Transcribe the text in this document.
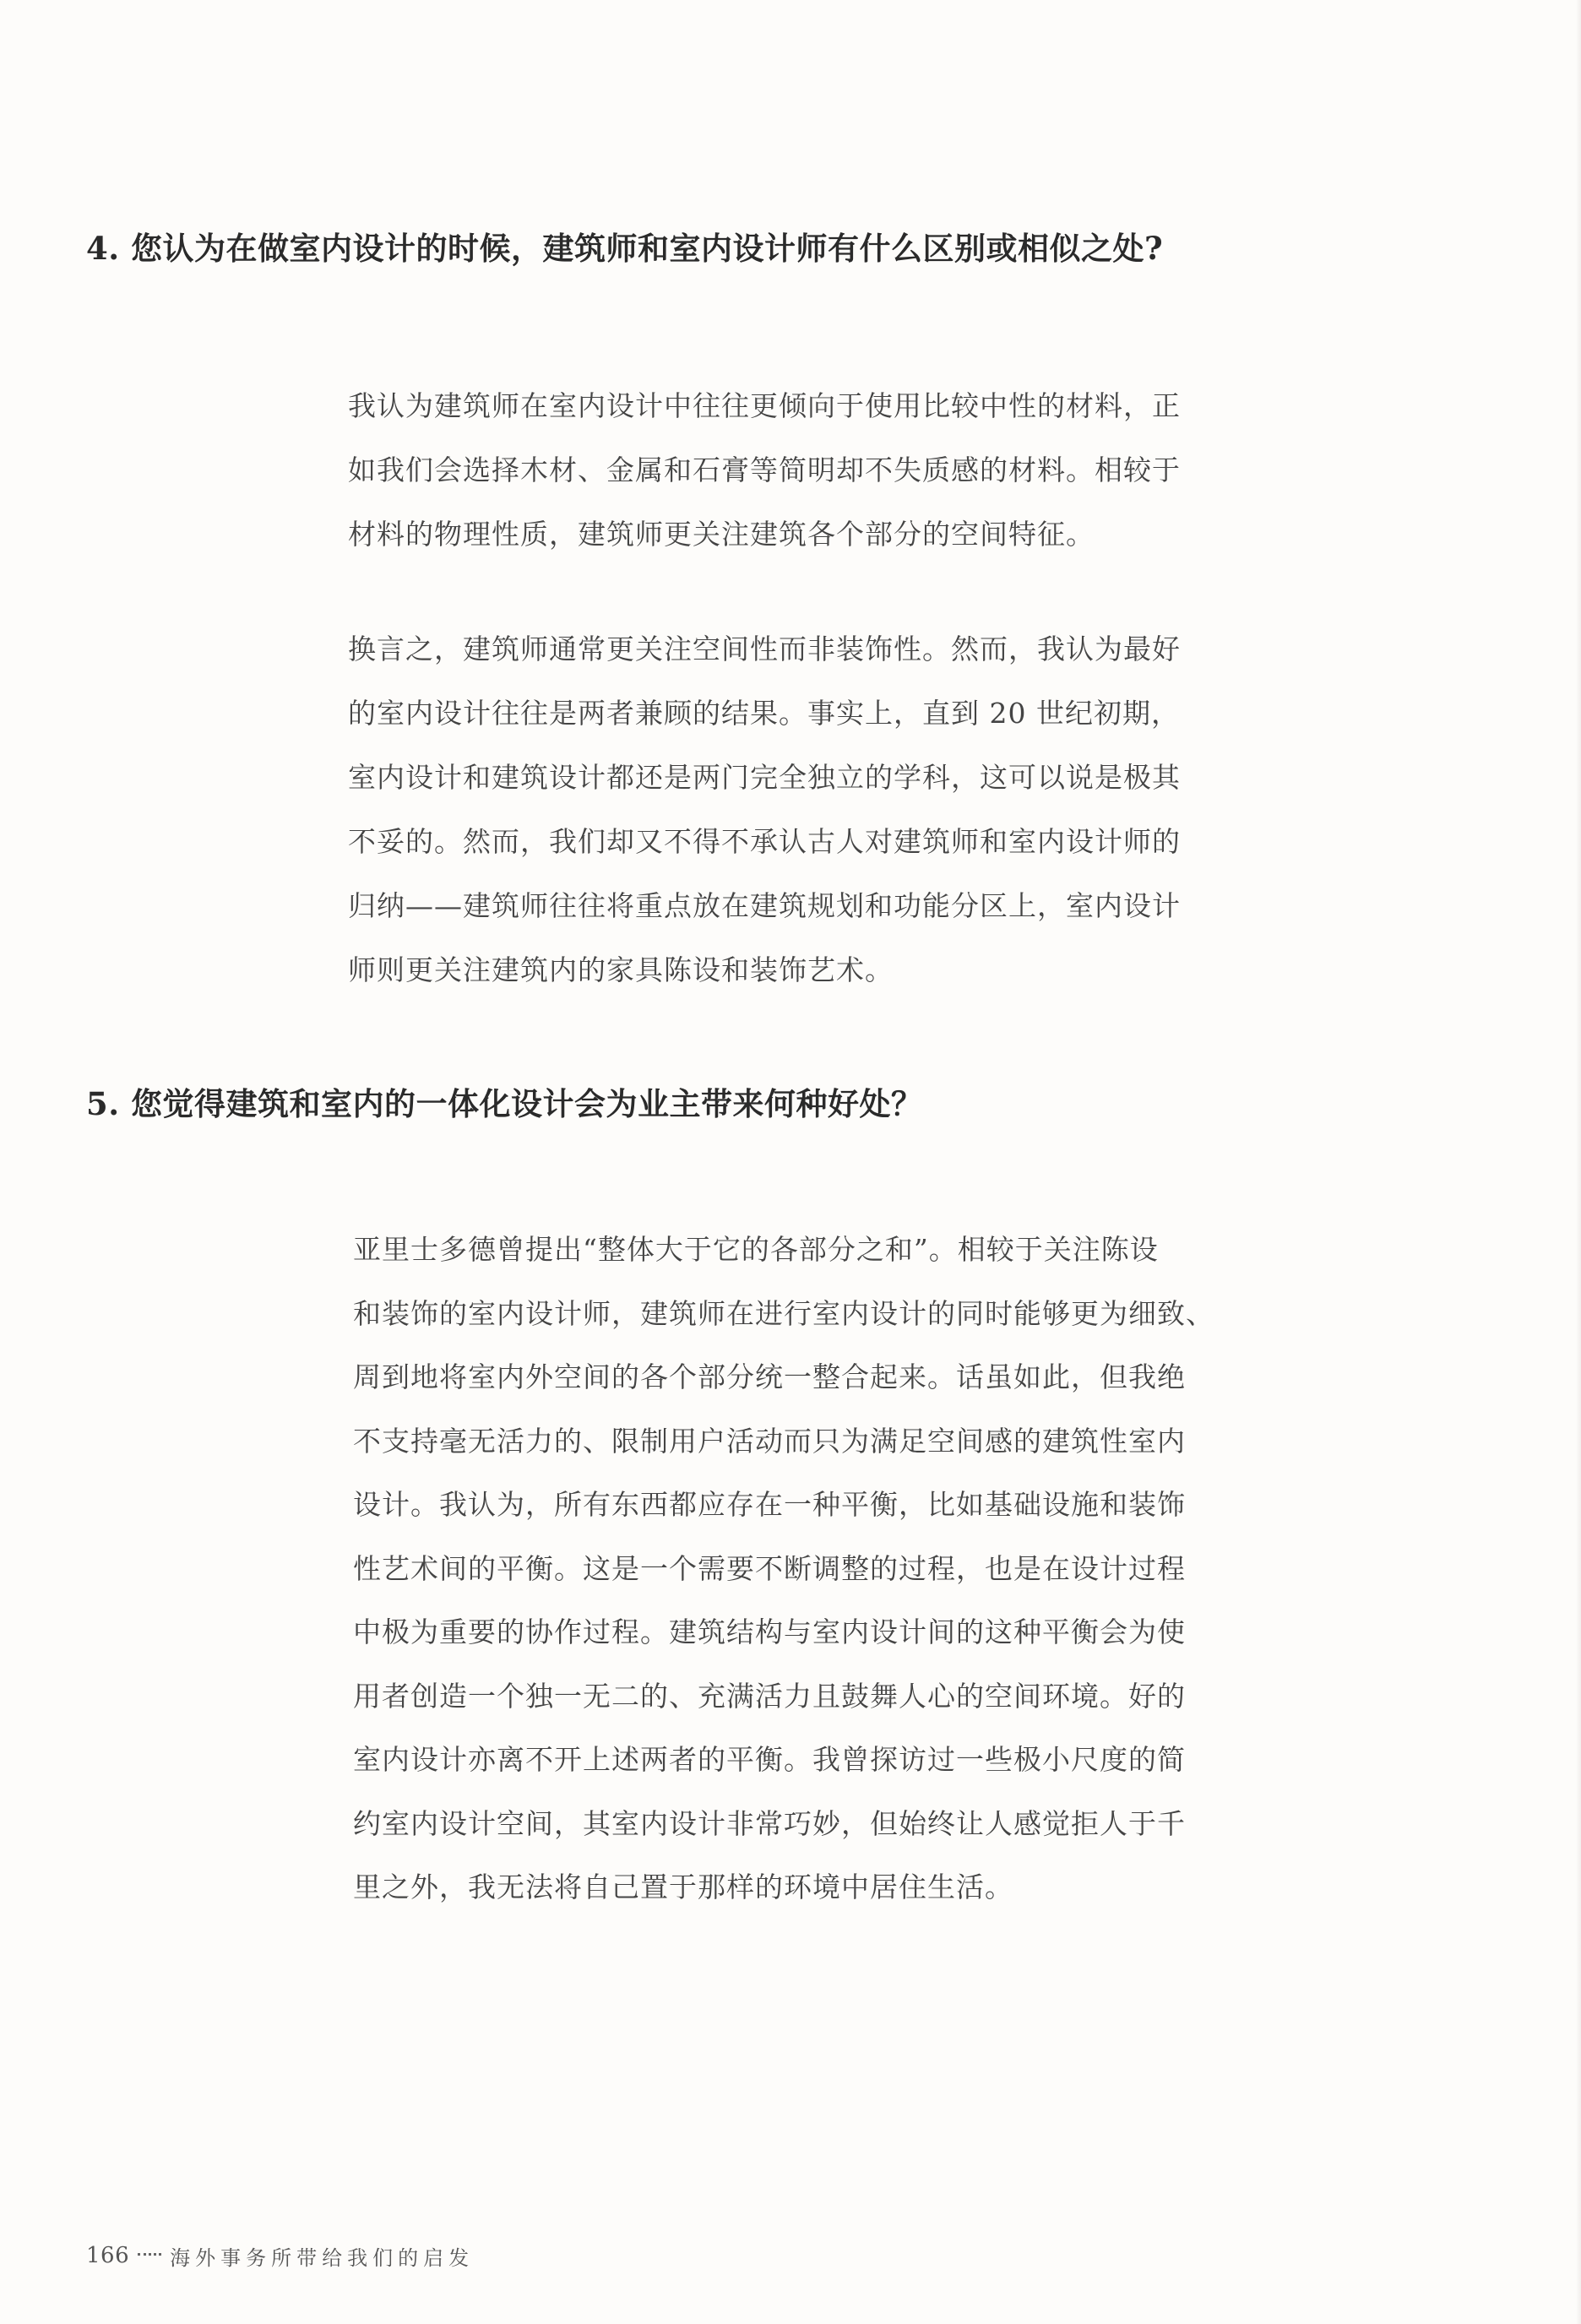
4. 您认为在做室内设计的时候，建筑师和室内设计师有什么区别或相似之处?
我认为建筑师在室内设计中往往更倾向于使用比较中性的材料，正
如我们会选择木材、金属和石膏等简明却不失质感的材料。相较于
材料的物理性质，建筑师更关注建筑各个部分的空间特征。
换言之，建筑师通常更关注空间性而非装饰性。然而，我认为最好
的室内设计往往是两者兼顾的结果。事实上，直到 20 世纪初期，
室内设计和建筑设计都还是两门完全独立的学科，这可以说是极其
不妥的。然而，我们却又不得不承认古人对建筑师和室内设计师的
归纳——建筑师往往将重点放在建筑规划和功能分区上，室内设计
师则更关注建筑内的家具陈设和装饰艺术。
5. 您觉得建筑和室内的一体化设计会为业主带来何种好处？
亚里士多德曾提出“整体大于它的各部分之和”。相较于关注陈设
和装饰的室内设计师，建筑师在进行室内设计的同时能够更为细致、
周到地将室内外空间的各个部分统一整合起来。话虽如此，但我绝
不支持毫无活力的、限制用户活动而只为满足空间感的建筑性室内
设计。我认为，所有东西都应存在一种平衡，比如基础设施和装饰
性艺术间的平衡。这是一个需要不断调整的过程，也是在设计过程
中极为重要的协作过程。建筑结构与室内设计间的这种平衡会为使
用者创造一个独一无二的、充满活力且鼓舞人心的空间环境。好的
室内设计亦离不开上述两者的平衡。我曾探访过一些极小尺度的简
约室内设计空间，其室内设计非常巧妙，但始终让人感觉拒人于千
里之外，我无法将自己置于那样的环境中居住生活。
166 海外事务所带给我们的启发
